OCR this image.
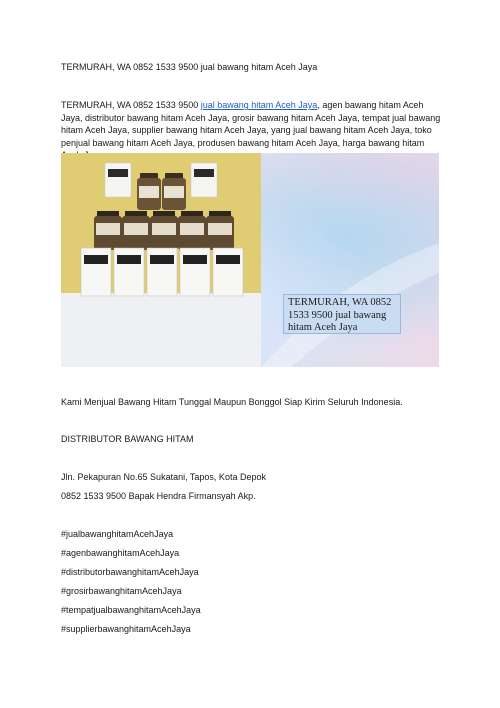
TERMURAH, WA 0852 1533 9500 jual bawang hitam Aceh Jaya
TERMURAH, WA 0852 1533 9500 jual bawang hitam Aceh Jaya, agen bawang hitam Aceh Jaya, distributor bawang hitam Aceh Jaya, grosir bawang hitam Aceh Jaya, tempat jual bawang hitam Aceh Jaya, supplier bawang hitam Aceh Jaya, yang jual bawang hitam Aceh Jaya, toko penjual bawang hitam Aceh Jaya, produsen bawang hitam Aceh Jaya, harga bawang hitam
TERMURAH, WA 0852 1533 9500 jual bawang hitam Aceh Jaya
Kami Menjual Bawang Hitam Tunggal Maupun Bonggol Siap Kirim Seluruh Indonesia.
DISTRIBUTOR BAWANG HITAM
Jln. Pekapuran No.65 Sukatani, Tapos, Kota Depok
0852 1533 9500 Bapak Hendra Firmansyah Akp.
#jualbawanghitamAcehJaya
#agenbawanghitamAcehJaya
#distributorbawanghitamAcehJaya
#grosirbawanghitamAcehJaya
#tempatjualbawanghitamAcehJaya
#supplierbawanghitamAcehJaya
